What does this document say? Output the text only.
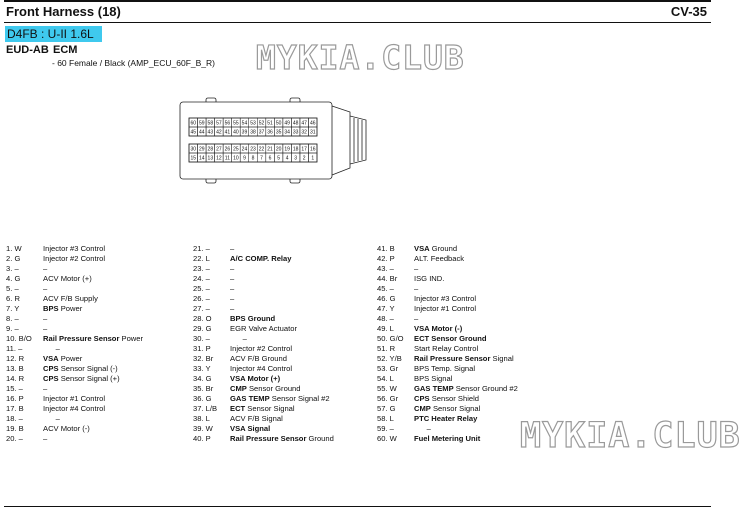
Front Harness (18)	CV-35
D4FB : U-II 1.6L
EUD-AB ECM
- 60 Female / Black (AMP_ECU_60F_B_R) MYKIA.CLUB
60 59 58 57 56 55 54 53 52 51 50 49 48 47 46
45 44 43 42 41 40 39 38 37 36 35 34 33 32 31
30 29 28 27 26 25 24 23 22 21 20 19 18 17 16
15 14 13 12 11 10 9 8 7 6 5 4 3 2 1
1. W	Injector #3 Control
2. G	Injector #2 Control
3. –	–
4. G	ACV Motor (+)
5. –	–
6. R	ACV F/B Supply
7. Y	BPS Power
8. –	–
9. –	–
10. B/O Rail Pressure Sensor Power
11. –	–
12. R VSA Power
13. B	CPS Sensor Signal (-)
14. R CPS Sensor Signal (+)
15. –	–
16. P	Injector #1 Control
17. B	Injector #4 Control
18. –	–
19. B	ACV Motor (-)
20. –	–
21. –	–
22. L	A/C COMP. Relay
23. –	–
24. –	–
25. –	–
26. –	–
27. –	–
28. O BPS Ground
29. G EGR Valve Actuator
30. –	–
31. P	Injector #2 Control
32. Br ACV F/B Ground
33. Y	Injector #4 Control
34. G VSA Motor (+)
35. Br CMP Sensor Ground
36. G GAS TEMP Sensor Signal #2
37. L/B ECT Sensor Signal
38. L	ACV F/B Signal
39. W VSA Signal
40. P	Rail Pressure Sensor Ground
41. B	VSA Ground
42. P	ALT. Feedback
43. –	–
44. Br ISG IND.
45. –	–
46. G Injector #3 Control
47. Y	Injector #1 Control
48. –	–
49. L	VSA Motor (-)
50. G/O ECT Sensor Ground
51. R Start Relay Control
52. Y/B Rail Pressure Sensor Signal
53. Gr BPS Temp. Signal
54. L	BPS Signal
55. W GAS TEMP Sensor Ground #2
56. Gr CPS Sensor Shield
57. G CMP Sensor Signal
58. L	PTC Heater Relay
59. –	–
60. W Fuel Metering Unit MYKIA.CLUB
